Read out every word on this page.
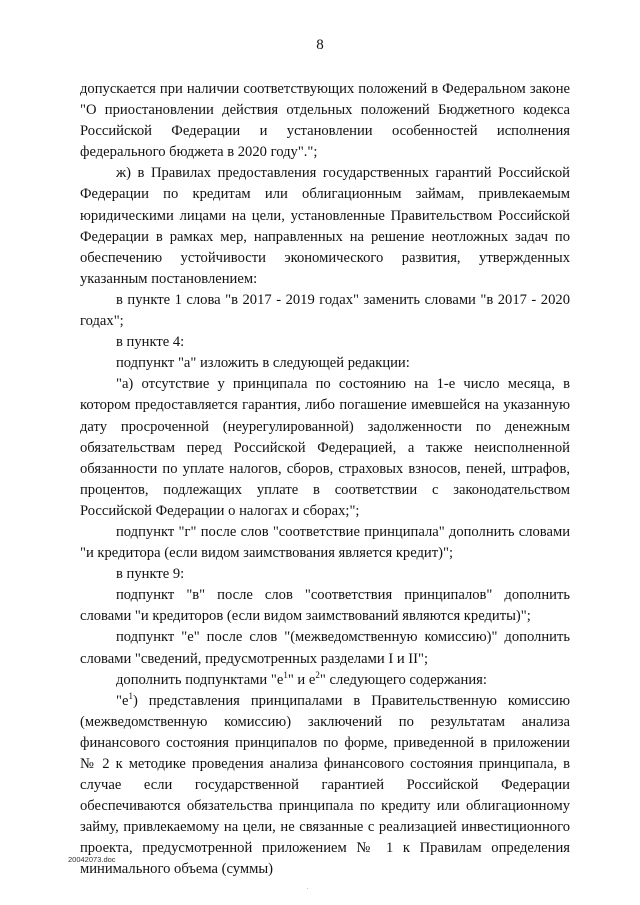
8

допускается при наличии соответствующих положений в Федеральном законе "О приостановлении действия отдельных положений Бюджетного кодекса Российской Федерации и установлении особенностей исполнения федерального бюджета в 2020 году".";

ж) в Правилах предоставления государственных гарантий Российской Федерации по кредитам или облигационным займам, привлекаемым юридическими лицами на цели, установленные Правительством Российской Федерации в рамках мер, направленных на решение неотложных задач по обеспечению устойчивости экономического развития, утвержденных указанным постановлением:

в пункте 1 слова "в 2017 - 2019 годах" заменить словами "в 2017 - 2020 годах";

в пункте 4:

подпункт "а" изложить в следующей редакции:

"а) отсутствие у принципала по состоянию на 1-е число месяца, в котором предоставляется гарантия, либо погашение имевшейся на указанную дату просроченной (неурегулированной) задолженности по денежным обязательствам перед Российской Федерацией, а также неисполненной обязанности по уплате налогов, сборов, страховых взносов, пеней, штрафов, процентов, подлежащих уплате в соответствии с законодательством Российской Федерации о налогах и сборах;";

подпункт "г" после слов "соответствие принципала" дополнить словами "и кредитора (если видом заимствования является кредит)";

в пункте 9:

подпункт "в" после слов "соответствия принципалов" дополнить словами "и кредиторов (если видом заимствований являются кредиты)";

подпункт "е" после слов "(межведомственную комиссию)" дополнить словами "сведений, предусмотренных разделами I и II";

дополнить подпунктами "$е^1$" и $е^2$" следующего содержания:

"$е^1$) представления принципалами в Правительственную комиссию (межведомственную комиссию) заключений по результатам анализа финансового состояния принципалов по форме, приведенной в приложении № 2 к методике проведения анализа финансового состояния принципала, в случае если государственной гарантией Российской Федерации обеспечиваются обязательства принципала по кредиту или облигационному займу, привлекаемому на цели, не связанные с реализацией инвестиционного проекта, предусмотренной приложением № 1 к Правилам определения минимального объема (суммы)

20042073.doc
.
